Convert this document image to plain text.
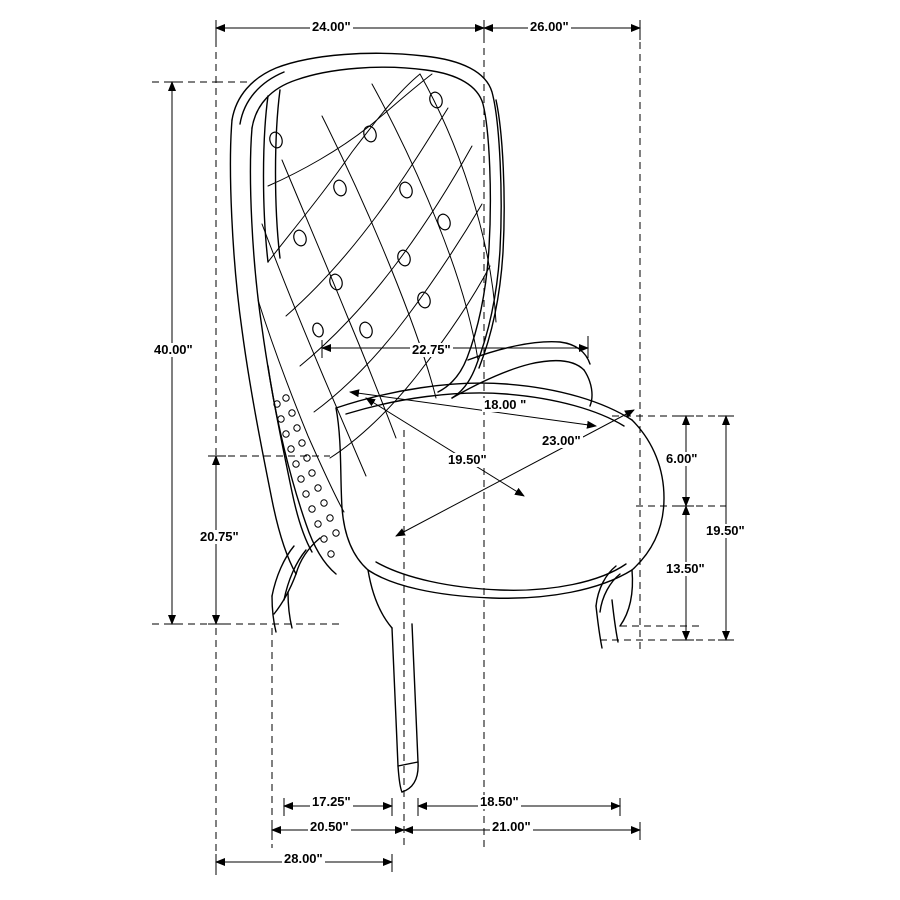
24.00"	26.00"
40.00"	22.75"
18.00 "
23.00"
19.50"
20.75"
6.00"
19.50"
13.50"
17.25"	18.50"
20.50"	21.00"
28.00"
